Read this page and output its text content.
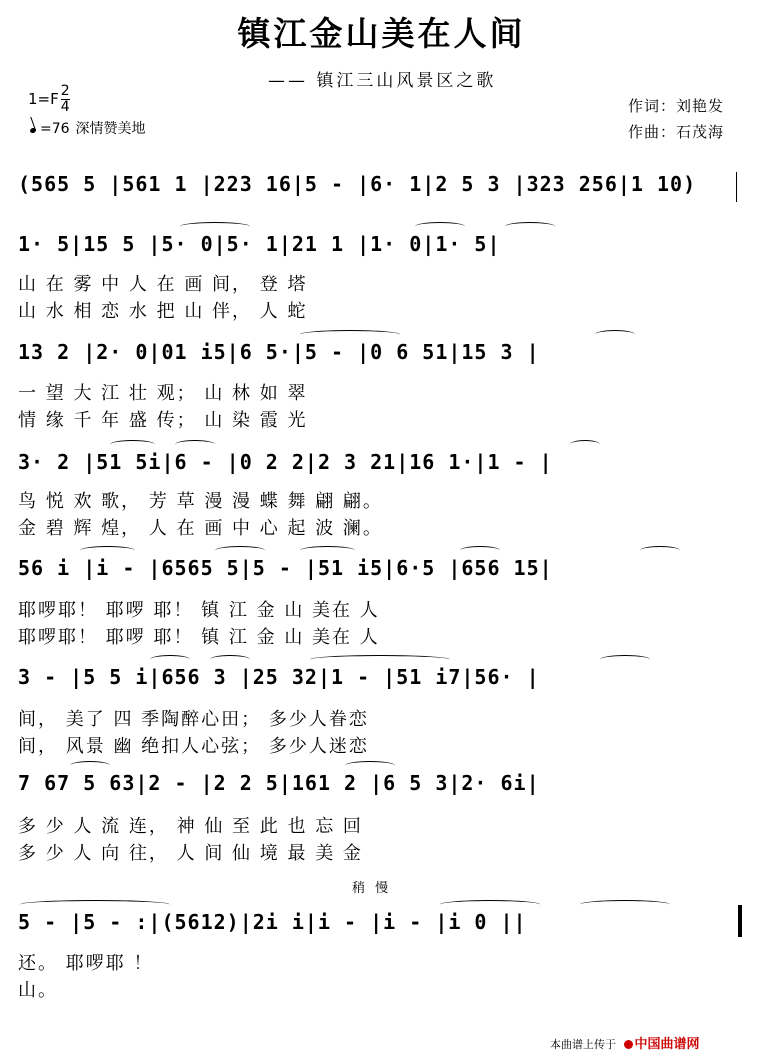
镇江金山美在人间
—— 镇江三山风景区之歌
$1=F \frac{2}{4}$
=76 深情赞美地
作词：刘艳发
作曲：石茂海
(565 5 |561 1 |223 16|5 - |6· 1|2 5 3 |323 256|1 10)
1· 5|15 5 |5· 0|5· 1|21 1 |1· 0|1· 5|
山 在 雾 中 人 在 画 间， 登 塔
山 水 相 恋 水 把 山 伴， 人 蛇
13 2 |2· 0|01 i5|6 5·|5 - |0 6 51|15 3 |
一 望 大 江 壮 观； 山 林 如 翠
情 缘 千 年 盛 传； 山 染 霞 光
3· 2 |51 5i|6 - |0 2 2|2 3 21|16 1·|1 - |
鸟 悦 欢 歌， 芳 草 漫 漫 蝶 舞 翩 翩。
金 碧 辉 煌， 人 在 画 中 心 起 波 澜。
56 i |i - |6565 5|5 - |51 i5|6·5 |656 15|
耶啰耶！ 耶啰 耶！ 镇 江 金 山 美在 人
耶啰耶！ 耶啰 耶！ 镇 江 金 山 美在 人
3 - |5 5 i|656 3 |25 32|1 - |51 i7|56· |
间， 美了 四 季陶醉心田； 多少人眷恋
间， 风景 幽 绝扣人心弦； 多少人迷恋
7 67 5 63|2 - |2 2 5|161 2 |6 5 3|2· 6i|
多 少 人 流 连， 神 仙 至 此 也 忘 回
多 少 人 向 往， 人 间 仙 境 最 美 金
稍 慢
5 - |5 - :|(5612)|2i i|i - |i - |i 0 ||
还。 耶啰耶 ！
山。
本曲谱上传于 中国曲谱网
